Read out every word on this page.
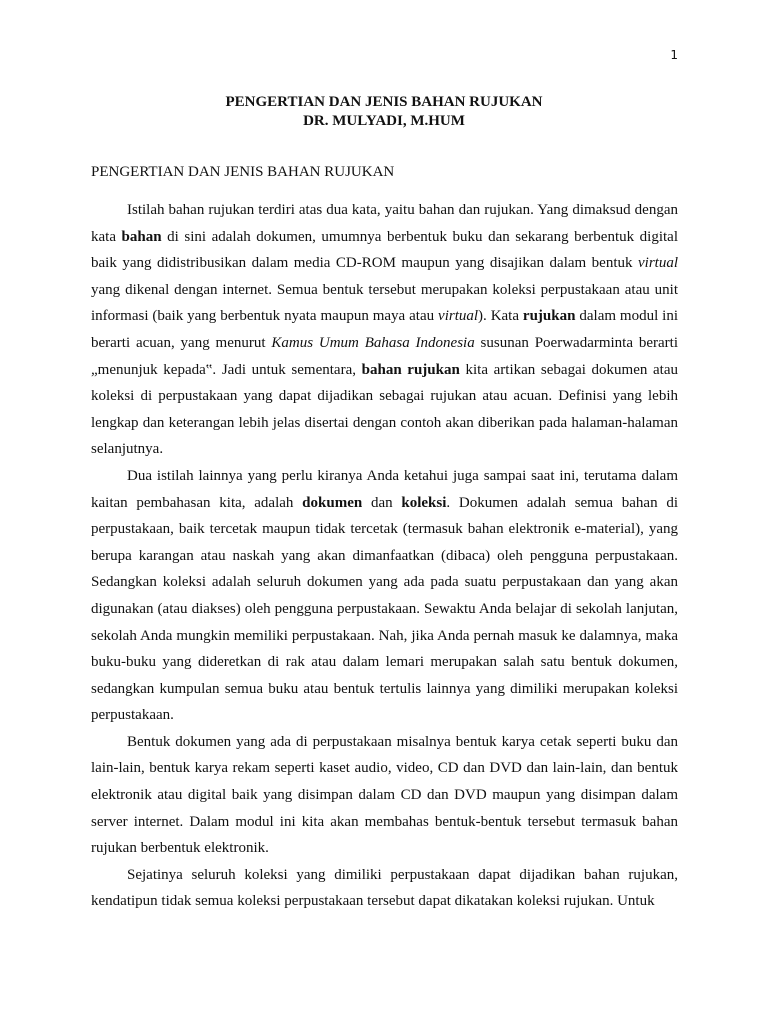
1
PENGERTIAN DAN JENIS BAHAN RUJUKAN
DR. MULYADI, M.HUM
PENGERTIAN DAN JENIS BAHAN RUJUKAN

Istilah bahan rujukan terdiri atas dua kata, yaitu bahan dan rujukan. Yang dimaksud dengan kata bahan di sini adalah dokumen, umumnya berbentuk buku dan sekarang berbentuk digital baik yang didistribusikan dalam media CD-ROM maupun yang disajikan dalam bentuk virtual yang dikenal dengan internet. Semua bentuk tersebut merupakan koleksi perpustakaan atau unit informasi (baik yang berbentuk nyata maupun maya atau virtual). Kata rujukan dalam modul ini berarti acuan, yang menurut Kamus Umum Bahasa Indonesia susunan Poerwadarminta berarti „menunjuk kepada‟. Jadi untuk sementara, bahan rujukan kita artikan sebagai dokumen atau koleksi di perpustakaan yang dapat dijadikan sebagai rujukan atau acuan. Definisi yang lebih lengkap dan keterangan lebih jelas disertai dengan contoh akan diberikan pada halaman-halaman selanjutnya.

Dua istilah lainnya yang perlu kiranya Anda ketahui juga sampai saat ini, terutama dalam kaitan pembahasan kita, adalah dokumen dan koleksi. Dokumen adalah semua bahan di perpustakaan, baik tercetak maupun tidak tercetak (termasuk bahan elektronik e-material), yang berupa karangan atau naskah yang akan dimanfaatkan (dibaca) oleh pengguna perpustakaan. Sedangkan koleksi adalah seluruh dokumen yang ada pada suatu perpustakaan dan yang akan digunakan (atau diakses) oleh pengguna perpustakaan. Sewaktu Anda belajar di sekolah lanjutan, sekolah Anda mungkin memiliki perpustakaan. Nah, jika Anda pernah masuk ke dalamnya, maka buku-buku yang dideretkan di rak atau dalam lemari merupakan salah satu bentuk dokumen, sedangkan kumpulan semua buku atau bentuk tertulis lainnya yang dimiliki merupakan koleksi perpustakaan.

Bentuk dokumen yang ada di perpustakaan misalnya bentuk karya cetak seperti buku dan lain-lain, bentuk karya rekam seperti kaset audio, video, CD dan DVD dan lain-lain, dan bentuk elektronik atau digital baik yang disimpan dalam CD dan DVD maupun yang disimpan dalam server internet. Dalam modul ini kita akan membahas bentuk-bentuk tersebut termasuk bahan rujukan berbentuk elektronik.

Sejatinya seluruh koleksi yang dimiliki perpustakaan dapat dijadikan bahan rujukan, kendatipun tidak semua koleksi perpustakaan tersebut dapat dikatakan koleksi rujukan. Untuk
